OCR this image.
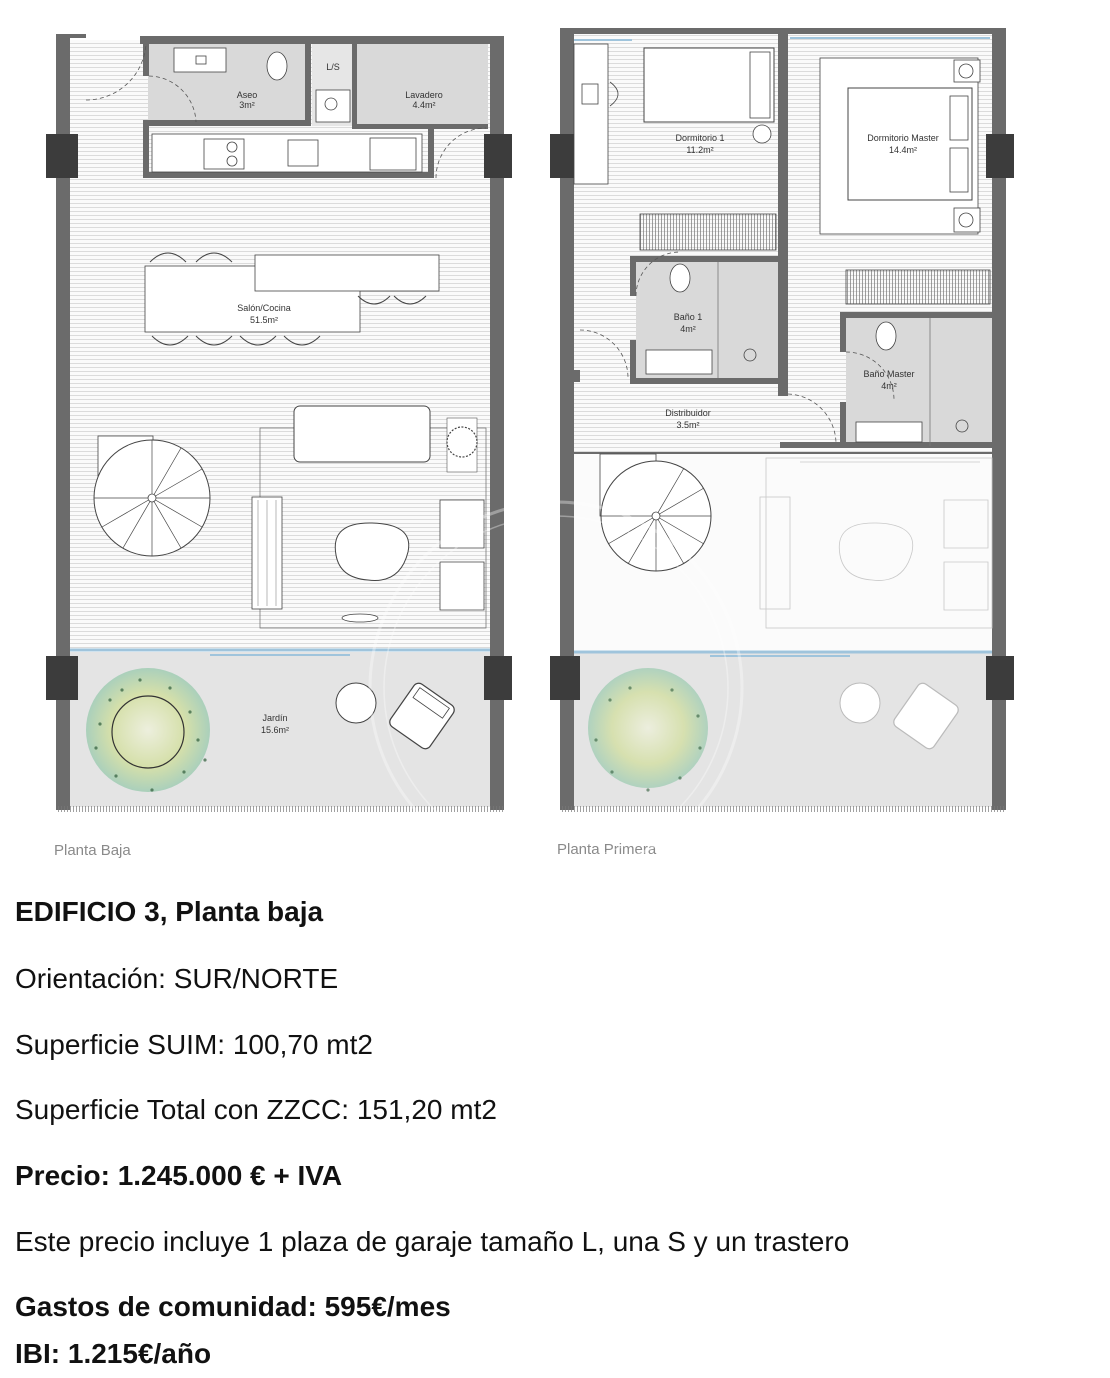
Aseo
3m²
L/S
Lavadero
4.4m²
Salón/Cocina
51.5m²
Jardín
15.6m²
Planta Baja
Dormitorio 1
11.2m²
Dormitorio Master
14.4m²
Baño 1
4m²
Baño Master
4m²
Distribuidor
3.5m²
Planta Primera
EDIFICIO 3, Planta baja
Orientación: SUR/NORTE
Superficie SUIM: 100,70 mt2
Superficie Total con ZZCC: 151,20 mt2
Precio: 1.245.000 € + IVA
Este precio incluye 1 plaza de garaje tamaño L, una S y un trastero
Gastos de comunidad: 595€/mes
IBI: 1.215€/año
